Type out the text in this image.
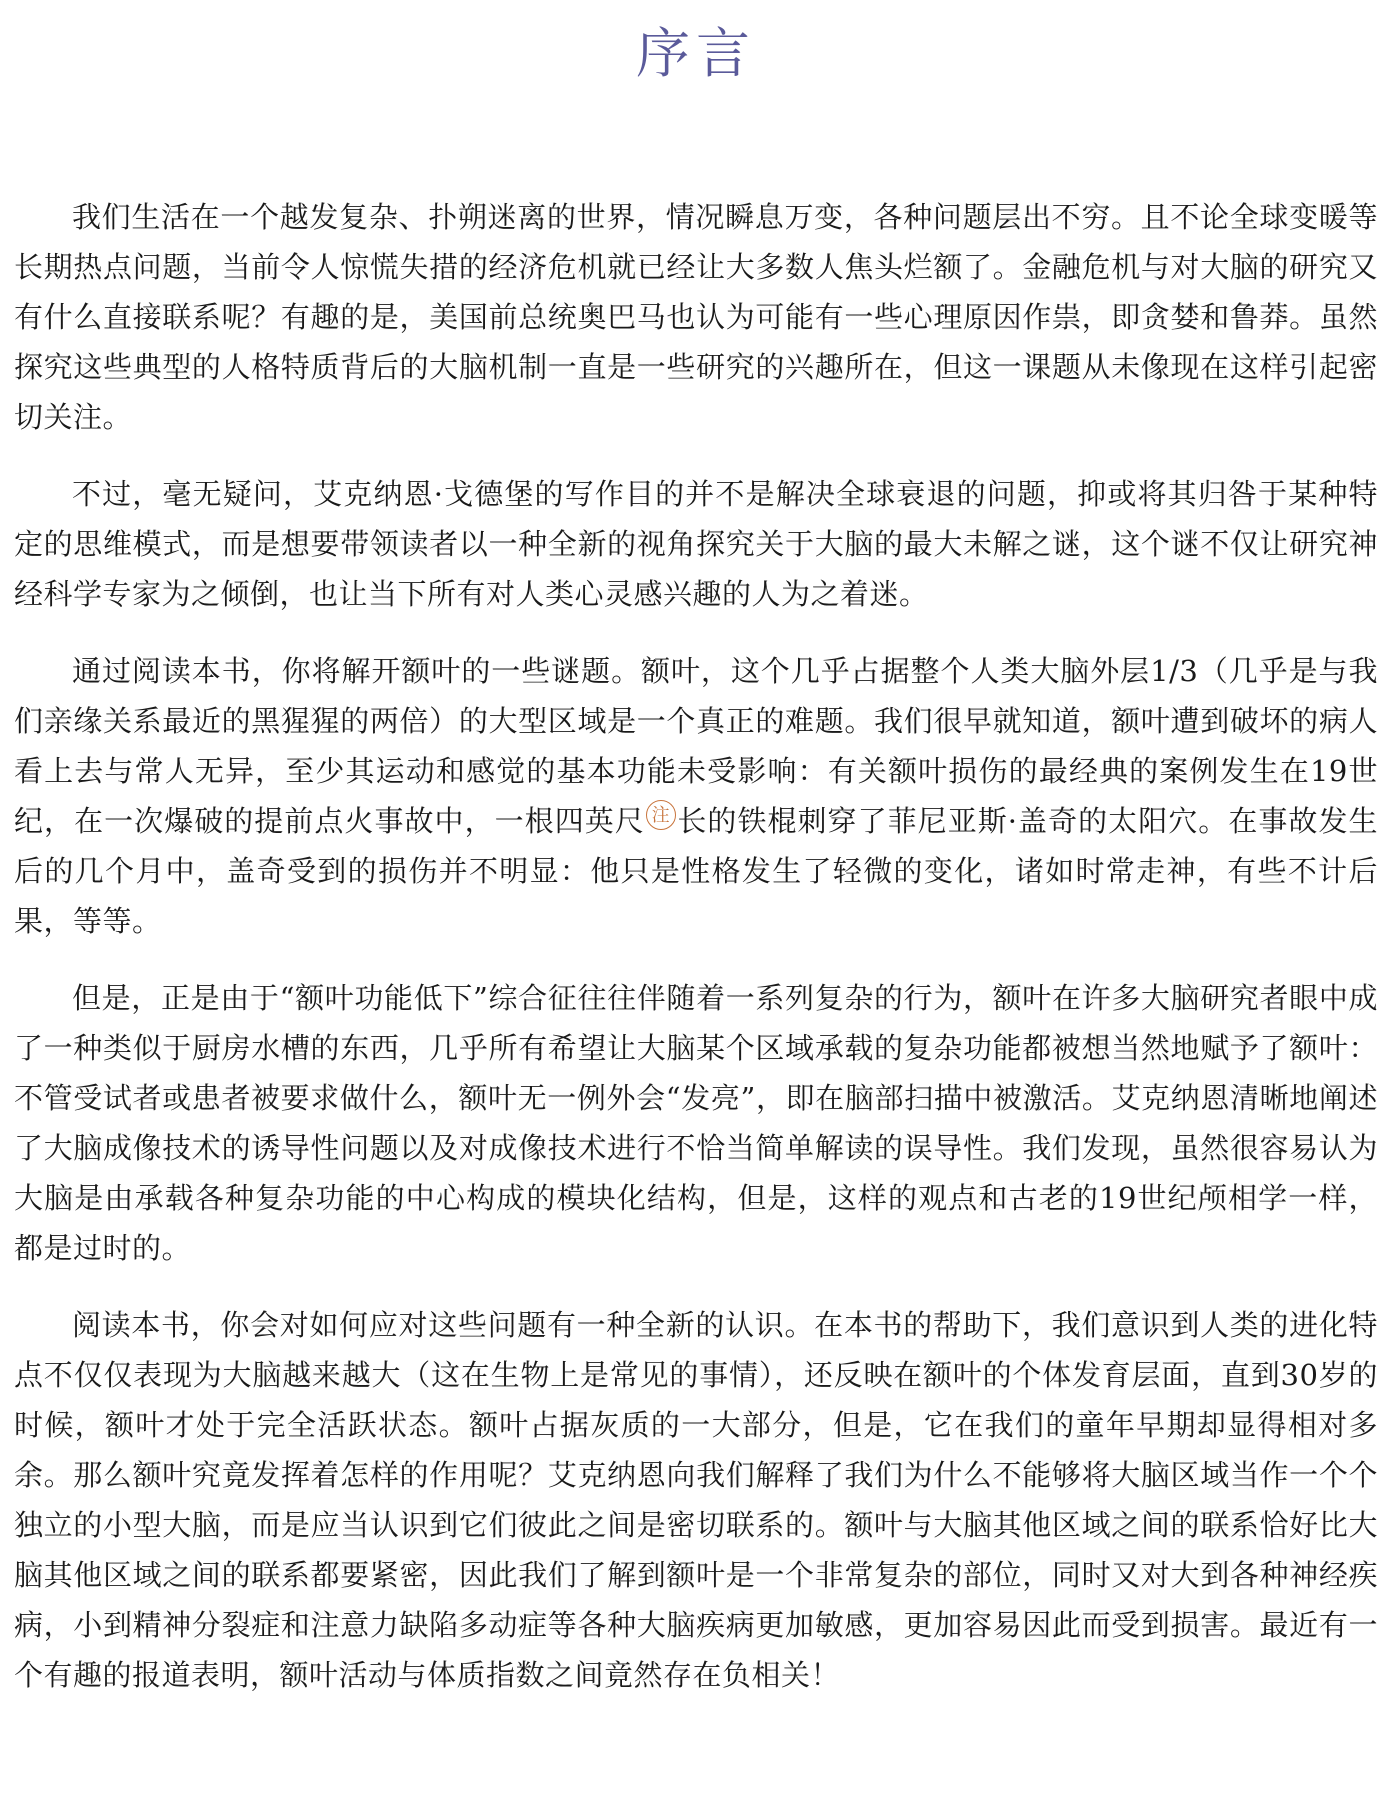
序言

我们生活在一个越发复杂、扑朔迷离的世界，情况瞬息万变，各种问题层出不穷。且不论全球变暖等长期热点问题，当前令人惊慌失措的经济危机就已经让大多数人焦头烂额了。金融危机与对大脑的研究又有什么直接联系呢？有趣的是，美国前总统奥巴马也认为可能有一些心理原因作祟，即贪婪和鲁莽。虽然探究这些典型的人格特质背后的大脑机制一直是一些研究的兴趣所在，但这一课题从未像现在这样引起密切关注。

不过，毫无疑问，艾克纳恩·戈德堡的写作目的并不是解决全球衰退的问题，抑或将其归咎于某种特定的思维模式，而是想要带领读者以一种全新的视角探究关于大脑的最大未解之谜，这个谜不仅让研究神经科学专家为之倾倒，也让当下所有对人类心灵感兴趣的人为之着迷。

通过阅读本书，你将解开额叶的一些谜题。额叶，这个几乎占据整个人类大脑外层1/3（几乎是与我们亲缘关系最近的黑猩猩的两倍）的大型区域是一个真正的难题。我们很早就知道，额叶遭到破坏的病人看上去与常人无异，至少其运动和感觉的基本功能未受影响：有关额叶损伤的最经典的案例发生在19世纪，在一次爆破的提前点火事故中，一根四英尺 注 长的铁棍刺穿了菲尼亚斯·盖奇的太阳穴。在事故发生后的几个月中，盖奇受到的损伤并不明显：他只是性格发生了轻微的变化，诸如时常走神，有些不计后果，等等。

但是，正是由于“额叶功能低下”综合征往往伴随着一系列复杂的行为，额叶在许多大脑研究者眼中成了一种类似于厨房水槽的东西，几乎所有希望让大脑某个区域承载的复杂功能都被想当然地赋予了额叶：不管受试者或患者被要求做什么，额叶无一例外会“发亮”，即在脑部扫描中被激活。艾克纳恩清晰地阐述了大脑成像技术的诱导性问题以及对成像技术进行不恰当简单解读的误导性。我们发现，虽然很容易认为大脑是由承载各种复杂功能的中心构成的模块化结构，但是，这样的观点和古老的19世纪颅相学一样，都是过时的。

阅读本书，你会对如何应对这些问题有一种全新的认识。在本书的帮助下，我们意识到人类的进化特点不仅仅表现为大脑越来越大（这在生物上是常见的事情），还反映在额叶的个体发育层面，直到30岁的时候，额叶才处于完全活跃状态。额叶占据灰质的一大部分，但是，它在我们的童年早期却显得相对多余。那么额叶究竟发挥着怎样的作用呢？艾克纳恩向我们解释了我们为什么不能够将大脑区域当作一个个独立的小型大脑，而是应当认识到它们彼此之间是密切联系的。额叶与大脑其他区域之间的联系恰好比大脑其他区域之间的联系都要紧密，因此我们了解到额叶是一个非常复杂的部位，同时又对大到各种神经疾病，小到精神分裂症和注意力缺陷多动症等各种大脑疾病更加敏感，更加容易因此而受到损害。最近有一个有趣的报道表明，额叶活动与体质指数之间竟然存在负相关！
